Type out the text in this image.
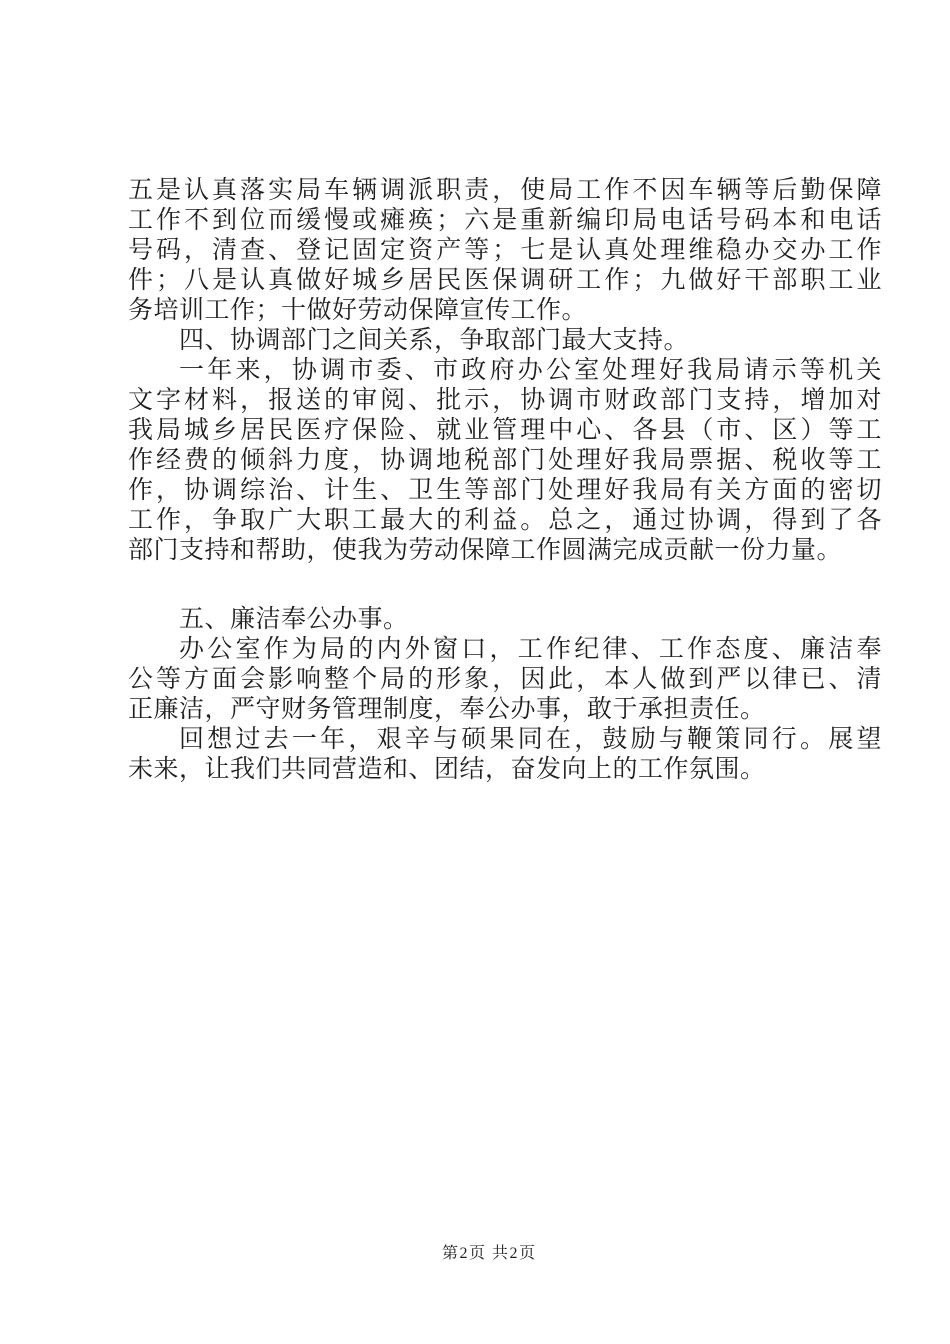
五是认真落实局车辆调派职责，使局工作不因车辆等后勤保障
工作不到位而缓慢或瘫痪；六是重新编印局电话号码本和电话
号码，清查、登记固定资产等；七是认真处理维稳办交办工作
件；八是认真做好城乡居民医保调研工作；九做好干部职工业
务培训工作；十做好劳动保障宣传工作。
四、协调部门之间关系，争取部门最大支持。
一年来，协调市委、市政府办公室处理好我局请示等机关
文字材料，报送的审阅、批示，协调市财政部门支持，增加对
我局城乡居民医疗保险、就业管理中心、各县（市、区）等工
作经费的倾斜力度，协调地税部门处理好我局票据、税收等工
作，协调综治、计生、卫生等部门处理好我局有关方面的密切
工作，争取广大职工最大的利益。总之，通过协调，得到了各
部门支持和帮助，使我为劳动保障工作圆满完成贡献一份力量。
五、廉洁奉公办事。
办公室作为局的内外窗口，工作纪律、工作态度、廉洁奉
公等方面会影响整个局的形象，因此，本人做到严以律已、清
正廉洁，严守财务管理制度，奉公办事，敢于承担责任。
回想过去一年，艰辛与硕果同在，鼓励与鞭策同行。展望
未来，让我们共同营造和、团结，奋发向上的工作氛围。
第2页 共2页
